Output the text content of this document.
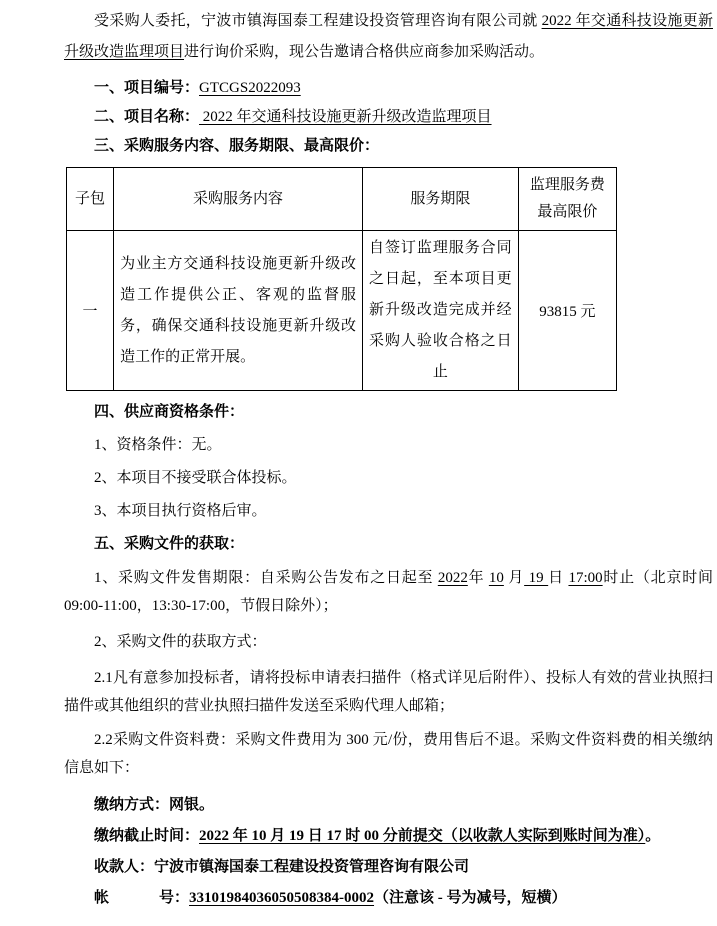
受采购人委托，宁波市镇海国泰工程建设投资管理咨询有限公司就 2022 年交通科技设施更新升级改造监理项目进行询价采购，现公告邀请合格供应商参加采购活动。

一、项目编号：GTCGS2022093

二、项目名称： 2022 年交通科技设施更新升级改造监理项目

三、采购服务内容、服务期限、最高限价：

子包	采购服务内容	服务期限	监理服务费最高限价
一	为业主方交通科技设施更新升级改造工作提供公正、客观的监督服务，确保交通科技设施更新升级改造工作的正常开展。	自签订监理服务合同之日起，至本项目更新升级改造完成并经采购人验收合格之日止	93815 元

四、供应商资格条件：

1、资格条件：无。

2、本项目不接受联合体投标。

3、本项目执行资格后审。

五、采购文件的获取：

1、采购文件发售期限：自采购公告发布之日起至 2022年 10 月 19 日 17:00时止（北京时间09:00-11:00，13:30-17:00，节假日除外）；

2、采购文件的获取方式：

2.1凡有意参加投标者，请将投标申请表扫描件（格式详见后附件）、投标人有效的营业执照扫描件或其他组织的营业执照扫描件发送至采购代理人邮箱；

2.2采购文件资料费：采购文件费用为 300 元/份，费用售后不退。采购文件资料费的相关缴纳信息如下：

缴纳方式：网银。

缴纳截止时间：2022 年 10 月 19 日 17 时 00 分前提交（以收款人实际到账时间为准）。

收款人：宁波市镇海国泰工程建设投资管理咨询有限公司

帐	号：33101984036050508384-0002（注意该 - 号为减号，短横）
